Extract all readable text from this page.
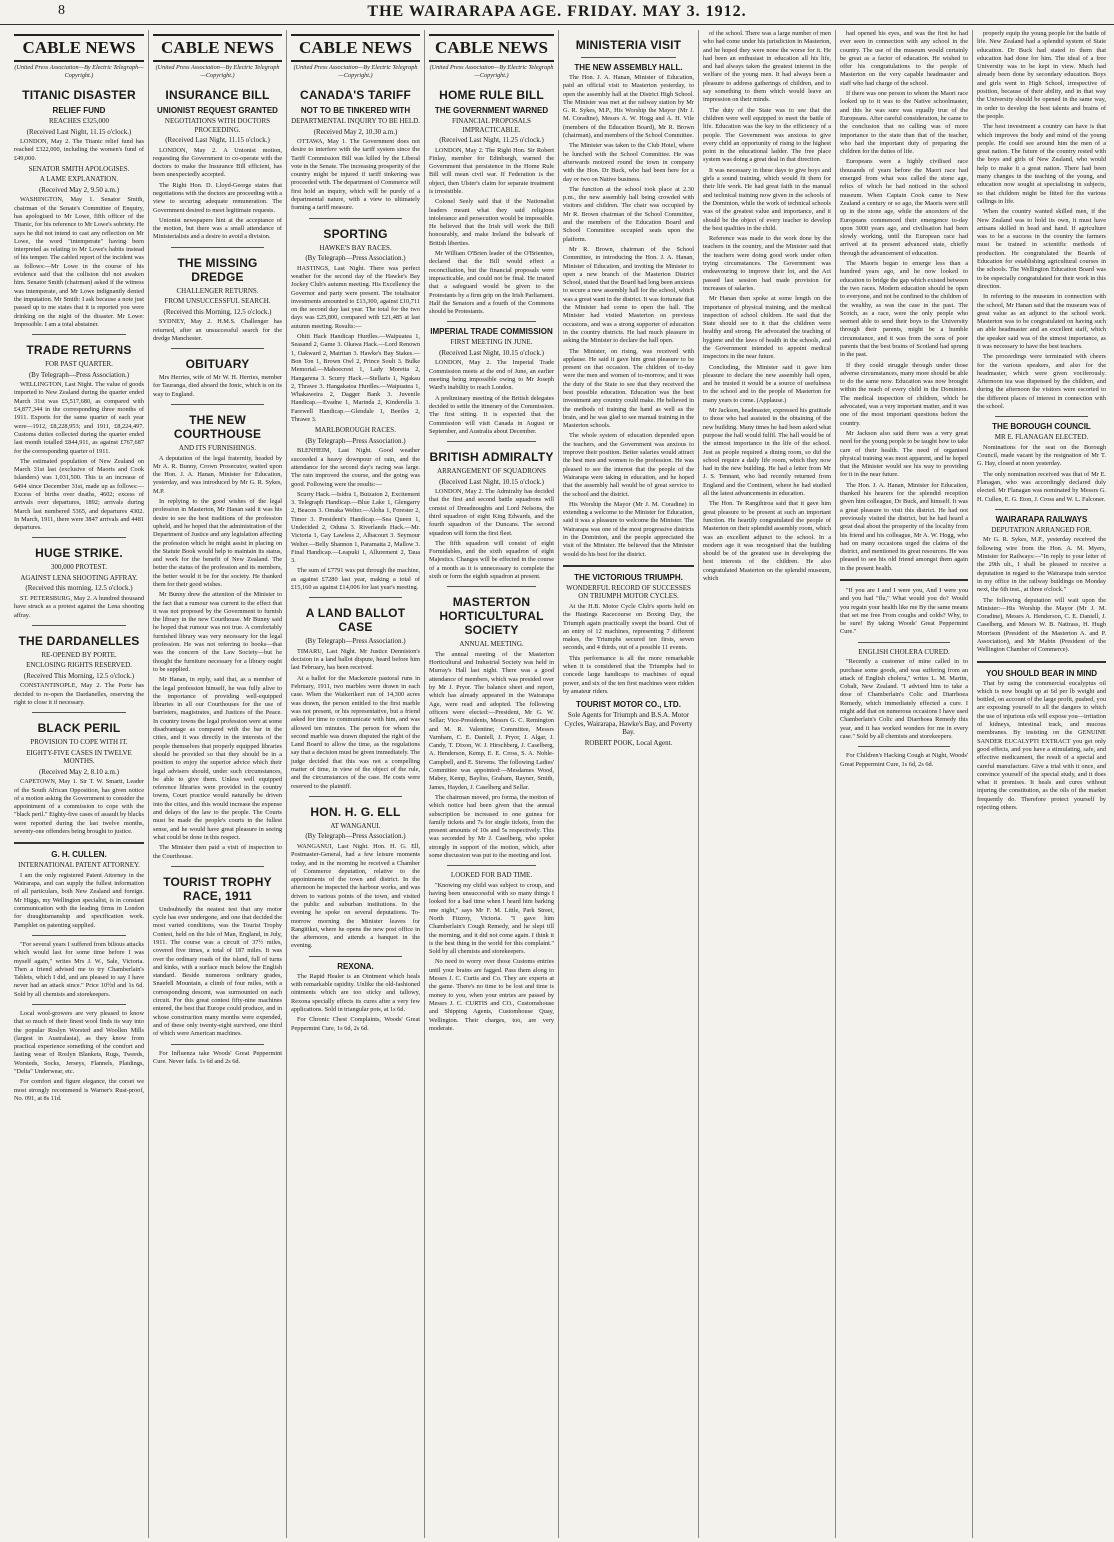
8	THE WAIRARAPA AGE. FRIDAY. MAY 3. 1912.
CABLE NEWS
(United Press Association—By Electric Telegraph—Copyright.)
TITANIC DISASTER
RELIEF FUND
REACHES £325,000
(Received Last Night, 11.15 o'clock.)

LONDON, May 2. The Titanic relief fund has reached £322,000, including the women's fund of £49,000.

SENATOR SMITH APOLOGISES.
A LAME EXPLANATION.
(Received May 2, 9.50 a.m.)

WASHINGTON, May 1. Senator Smith, chairman of the Senate's Committee of Enquiry, has apologised to Mr Lowe, fifth officer of the Titanic, for his reference to Mr Lowe's sobriety. He says he did not intend to cast any reflection on Mr Lowe, the word "intemperate" having been interpreted as relating to Mr Lowe's habits instead of his temper. The cabled report of the incident was as follows:—Mr Lowe in the course of his evidence said that the collision did not awaken him. Senator Smith (chairman) asked if the witness was intemperate, and Mr Lowe indignantly denied the imputation. Mr Smith: I ask because a note just passed up to me states that it is reported you were drinking on the night of the disaster. Mr Lowe: Impossible. I am a total abstainer.

TRADE RETURNS
FOR PAST QUARTER.
(By Telegraph—Press Association.)

WELLINGTON, Last Night. The value of goods imported to New Zealand during the quarter ended March 31st was £5,517,680, as compared with £4,877,344 in the corresponding three months of 1911. Exports for the same quarter of each year were—1912, £8,228,953; and 1911, £8,224,497. Customs duties collected during the quarter ended last month totalled £844,911, as against £767,687 for the corresponding quarter of 1911.

The estimated population of New Zealand on March 31st last (exclusive of Maoris and Cook Islanders) was 1,031,500. This is an increase of 6494 since December 31st, made up as follows:—Excess of births over deaths, 4602; excess of arrivals over departures, 1892; arrivals during March last numbered 5365, and departures 4302. In March, 1911, there were 3847 arrivals and 4481 departures.

HUGE STRIKE.
300,000 PROTEST.
AGAINST LENA SHOOTING AFFRAY.
(Received this morning, 12.5 o'clock.)

ST. PETERSBURG, May 2. A hundred thousand have struck as a protest against the Lena shooting affray.

THE DARDANELLES
RE-OPENED BY PORTE.
ENCLOSING RIGHTS RESERVED.
(Received This Morning, 12.5 o'clock.)

CONSTANTINOPLE, May 2. The Porte has decided to re-open the Dardanelles, reserving the right to close it if necessary.

BLACK PERIL
PROVISION TO COPE WITH IT.
EIGHTY-FIVE CASES IN TWELVE MONTHS.
(Received May 2, 8.10 a.m.)

CAPETOWN, May 1. Sir T. W. Smartt, Leader of the South African Opposition, has given notice of a motion asking the Government to consider the appointment of a commission to cope with the "black peril." Eighty-five cases of assault by blacks were reported during the last twelve months, seventy-one offenders being brought to justice.

G. H. CULLEN.
INTERNATIONAL PATENT ATTORNEY.

I am the only registered Patent Attorney in the Wairarapa, and can supply the fullest information of all particulars, both New Zealand and foreign. Mr Higgs, my Wellington specialist, is in constant communication with the leading firms in London for draughtsmanship and specification work. Pamphlet on patenting supplied.

"For several years I suffered from bilious attacks which would last for some time before I was myself again," writes Mrs J. W., Sale, Victoria. Then a friend advised me to try Chamberlain's Tablets, which I did, and am pleased to say I have never had an attack since." Price 10½d and 1s 6d. Sold by all chemists and storekeepers.

Local wool-growers are very pleased to know that so much of their finest wool finds its way into the popular Roslyn Worsted and Woollen Mills (largest in Australasia), as they know from practical experience something of the comfort and lasting wear of Roslyn Blankets, Rugs, Tweeds, Worsteds, Socks, Jerseys, Flannels, Plaidings, "Delta" Underwear, etc.

For comfort and figure elegance, the corset we most strongly recommend is Warner's Rust-proof, No. 091, at 8s 11d.

CABLE NEWS
(United Press Association—By Electric Telegraph—Copyright.)
INSURANCE BILL
UNIONIST REQUEST GRANTED
NEGOTIATIONS WITH DOCTORS PROCEEDING.
(Received Last Night, 11.15 o'clock.)

LONDON, May 2. A Unionist motion, requesting the Government to co-operate with the doctors to make the Insurance Bill efficient, has been unexpectedly accepted.

The Right Hon. D. Lloyd-George states that negotiations with the doctors are proceeding with a view to securing adequate remuneration. The Government desired to meet legitimate requests.

Unionist newspapers hint at the acceptance of the motion, but there was a small attendance of Ministerialists and a desire to avoid a division.

THE MISSING DREDGE
CHALLENGER RETURNS.
FROM UNSUCCESSFUL SEARCH.
(Received this Morning, 12.5 o'clock.)

SYDNEY, May 2. H.M.S. Challenger has returned, after an unsuccessful search for the dredge Manchester.

OBITUARY

Mrs Herries, wife of Mr W. H. Herries, member for Tauranga, died aboard the Ionic, which is on its way to England.

THE NEW COURTHOUSE
AND ITS FURNISHINGS.

A deputation of the legal fraternity, headed by Mr A. R. Bunny, Crown Prosecutor, waited upon the Hon. J. A. Hanan, Minister for Education, yesterday, and was introduced by Mr G. R. Sykes, M.P.

In replying to the good wishes of the legal profession in Masterton, Mr Hanan said it was his desire to see the best traditions of the profession upheld, and he hoped that the administration of the Department of Justice and any legislation affecting the profession which he might assist in placing on the Statute Book would help to maintain its status, and work for the benefit of New Zealand. The better the status of the profession and its members, the better would it be for the society. He thanked them for their good wishes.

Mr Bunny drew the attention of the Minister to the fact that a rumour was current to the effect that it was not proposed by the Government to furnish the library in the new Courthouse. Mr Bunny said he hoped that rumour was not true. A comfortably furnished library was very necessary for the legal profession. He was not referring to books—that was the concern of the Law Society—but he thought the furniture necessary for a library ought to be supplied.

Mr Hanan, in reply, said that, as a member of the legal profession himself, he was fully alive to the importance of providing well-equipped libraries in all our Courthouses for the use of barristers, magistrates, and Justices of the Peace. In country towns the legal profession were at some disadvantage as compared with the bar in the cities, and it was directly in the interests of the people themselves that properly equipped libraries should be provided so that they should be in a position to enjoy the superior advice which their legal advisers should, under such circumstances, be able to give them. Unless well equipped reference libraries were provided in the country towns, Court practice would naturally be driven into the cities, and this would increase the expense and delays of the law to the people. The Courts must be made the people's courts in the fullest sense, and he would have great pleasure in seeing what could be done in this respect.

The Minister then paid a visit of inspection to the Courthouse.

TOURIST TROPHY RACE, 1911

Undoubtedly the neatest test that any motor cycle has ever undergone, and one that decided the most varied conditions, was the Tourist Trophy Contest, held on the Isle of Man, England, in July, 1911. The course was a circuit of 37½ miles, covered five times, a total of 187 miles. It was over the ordinary roads of the island, full of turns and kinks, with a surface much below the English standard. Beside numerous ordinary grades, Snaefell Mountain, a climb of four miles, with a corresponding descent, was surmounted on each circuit. For this great contest fifty-nine machines entered, the best that Europe could produce, and in whose construction many months were expended, and of these only twenty-eight survived, one third of which were American machines.

For Influenza take Woods' Great Peppermint Cure. Never fails. 1s 6d and 2s 6d.

CABLE NEWS
(United Press Association—By Electric Telegraph—Copyright.)
CANADA'S TARIFF
NOT TO BE TINKERED WITH
DEPARTMENTAL INQUIRY TO BE HELD.
(Received May 2, 10.30 a.m.)

OTTAWA, May 1. The Government does not desire to interfere with the tariff system since the Tariff Commission Bill was killed by the Liberal vote in the Senate. The increasing prosperity of the country might be injured if tariff tinkering was proceeded with. The department of Commerce will first hold an inquiry, which will be purely of a departmental nature, with a view to ultimately framing a tariff measure.

SPORTING
HAWKE'S BAY RACES.
(By Telegraph—Press Association.)

HASTINGS, Last Night. There was perfect weather for the second day of the Hawke's Bay Jockey Club's autumn meeting. His Excellency the Governor and party were present. The totalisator investments amounted to £13,300, against £10,711 on the second day last year. The total for the two days was £25,800, compared with £21,485 at last autumn meeting. Results:—

Ohiti Hack Handicap Hurdles.—Waipuatea 1, Seasand 2, Game 3. Okawa Hack.—Lord Renown 1, Oakward 2, Mairitan 3. Hawke's Bay Stakes.—Bon Ton 1, Brown Owl 2, Prince Soult 3. Bulke Memorial.—Mahoecrest 1, Lady Moretta 2, Hangarena 3. Scurry Hack.—Stellaris 1, Ngakau 2, Thrawe 3. Hangakatoa Hurdles.—Waipuatea 1, Whakaweira 2, Dagger Bank 3. Juvenile Handicap.—Evadne 1, Marinda 2, Kinderella 3. Farewell Handicap.—Glendale 1, Beetles 2, Thrawe 3.

MARLBOROUGH RACES.
(By Telegraph—Press Association.)

BLENHEIM, Last Night. Good weather succeeded a heavy downpour of rain, and the attendance for the second day's racing was large. The rain improved the course, and the going was good. Following were the results:—

Scurry Hack.—Isidra 1, Buizaton 2, Excitement 3. Telegraph Handicap.—Blue Lake 1, Glengarry 2, Beacon 3. Omaka Welter.—Aloha 1, Forester 2, Timor 3. President's Handicap.—Sea Queen 1, Undecided 2, Oduna 3. Riverlands Hack.—Mr. Victoria 1, Gay Lawless 2, Albacourt 3. Seymour Welter.—Belly Shannon 1, Paramatta 2, Mallow 3. Final Handicap.—Leapuki 1, Allurement 2, Taua 3.

The sum of £7791 was put through the machine, as against £7280 last year, making a total of £15,160 as against £14,006 for last year's meeting.

A LAND BALLOT CASE
(By Telegraph—Press Association.)

TIMARU, Last Night. Mr Justice Denniston's decision in a land ballot dispute, heard before him last February, has been received.

At a ballot for the Mackenzie pastoral runs in February, 1911, two marbles were drawn in each case. When the Waikerikeri run of 14,300 acres was drawn, the person entitled to the first marble was not present, or his representative, but a friend asked for time to communicate with him, and was allowed ten minutes. The person for whom the second marble was drawn disputed the right of the Land Board to allow the time, as the regulations say that a decision must be given immediately. The judge decided that this was not a compelling matter of time, in view of the object of the rule, and the circumstances of the case. He costs were reserved to the plaintiff.

HON. H. G. ELL
AT WANGANUI.
(By Telegraph—Press Association.)

WANGANUI, Last Night. Hon. H. G. Ell, Postmaster-General, had a few leisure moments today, and in the morning he received a Chamber of Commerce deputation, relative to the appointments of the town and district. In the afternoon he inspected the harbour works, and was driven to various points of the town, and visited the public and suburban institutions. In the evening he spoke on several deputations. To-morrow morning the Minister leaves for Rangitikei, where he opens the new post office in the afternoon, and attends a banquet in the evening.

REXONA.

The Rapid Healer is an Ointment which heals with remarkable rapidity. Unlike the old-fashioned ointments which are too sticky and tallowy, Rexona specially effects its cures after a very few applications. Sold in triangular pots, at 1s 6d.

For Chronic Chest Complaints, Woods' Great Peppermint Cure, 1s 6d, 2s 6d.

CABLE NEWS
(United Press Association—By Electric Telegraph—Copyright.)
HOME RULE BILL
THE GOVERNMENT WARNED
FINANCIAL PROPOSALS IMPRACTICABLE.
(Received Last Night, 11.25 o'clock.)

LONDON, May 2. The Right Hon. Sir Robert Finlay, member for Edinburgh, warned the Government that persistence in the Home Rule Bill will mean civil war. If Federation is the object, then Ulster's claim for separate treatment is irresistible.

Colonel Seely said that if the Nationalist leaders meant what they said religious intolerance and persecution would be impossible. He believed that the Irish will work the Bill honourably, and make Ireland the bulwark of British liberties.

Mr William O'Brien leader of the O'Brienites, declared that the Bill would effect a reconciliation, but the financial proposals were impracticable, and could not be final. He trusted that a safeguard would be given to the Protestants by a firm grip on the Irish Parliament. Half the Senators and a fourth of the Commons should be Protestants.

IMPERIAL TRADE COMMISSION
FIRST MEETING IN JUNE.
(Received Last Night, 10.15 o'clock.)

LONDON, May 2. The Imperial Trade Commission meets at the end of June, an earlier meeting being impossible owing to Mr Joseph Ward's inability to reach London.

A preliminary meeting of the British delegates decided to settle the itinerary of the Commission. The first sitting. It is expected that the Commission will visit Canada in August or September, and Australia about December.

BRITISH ADMIRALTY
ARRANGEMENT OF SQUADRONS
(Received Last Night, 10.15 o'clock.)

LONDON, May 2. The Admiralty has decided that the first and second battle squadrons will consist of Dreadnoughts and Lord Nelsons, the third squadron of eight King Edwards, and the fourth squadron of the Duncans. The second squadron will form the first fleet.

The fifth squadron will consist of eight Formidables, and the sixth squadron of eight Majestics. Changes will be effected in the course of a month as it is unnecessary to complete the sixth or form the eighth squadron at present.

MASTERTON HORTICULTURAL SOCIETY
ANNUAL MEETING.

The annual meeting of the Masterton Horticultural and Industrial Society was held in Murray's Hall last night. There was a good attendance of members, which was presided over by Mr J. Pryor. The balance sheet and report, which has already appeared in the Wairarapa Age, were read and adopted. The following officers were elected:—President, Mr G. W. Sellar; Vice-Presidents, Messrs G. C. Remington and M. R. Valentine; Committee, Messrs Varnham, C. E. Daniell, J. Pryor, J. Algar, J. Candy, T. Dixon, W. J. Hirschberg, J. Caselberg, A. Henderson, Kemp, E. E. Cross, S. A. Noble-Campbell, and E. Stevens. The following Ladies' Committee was appointed:—Mesdames Wood, Mabey, Kemp, Bayliss, Graham, Rayner, Smith, James, Hayden, J. Caselberg and Sellar.

The chairman moved, pro forma, the motion of which notice had been given that the annual subscription be increased to one guinea for family tickets and 7s for single tickets, from the present amounts of 10s and 5s respectively. This was seconded by Mr J. Caselberg, who spoke strongly in support of the motion, which, after some discussion was put to the meeting and lost.

LOOKED FOR BAD TIME.

"Knowing my child was subject to croup, and having been unsuccessful with so many things I looked for a bad time when I heard him barking one night," says Mr F. M. Little, Park Street, North Fitzroy, Victoria. "I gave him Chamberlain's Cough Remedy, and he slept till the morning, and it did not come again. I think it is the best thing in the world for this complaint." Sold by all chemists and storekeepers.

No need to worry over those Customs entries until your brains are fagged. Pass them along to Messrs J. C. Curtis and Co. They are experts at the game. There's no time to be lost and time is money to you, when your entries are passed by Messrs J. C. CURTIS and CO., Customshouse and Shipping Agents, Customhouse Quay, Wellington. Their charges, too, are very moderate.

MINISTERIA VISIT
THE NEW ASSEMBLY HALL.

The Hon. J. A. Hanan, Minister of Education, paid an official visit to Masterton yesterday, to open the assembly hall at the District High School. The Minister was met at the railway station by Mr G. R. Sykes, M.P., His Worship the Mayor (Mr J. M. Coradine), Messrs A. W. Hogg and A. H. Vile (members of the Education Board), Mr R. Brown (chairman), and members of the School Committee.

The Minister was taken to the Club Hotel, where he lunched with the School Committee. He was afterwards motored round the town in company with the Hon. Dr Buck, who had been here for a day or two on Native business.

The function at the school took place at 2.30 p.m., the new assembly hall being crowded with visitors and children. The chair was occupied by Mr R. Brown chairman of the School Committee, and the members of the Education Board and School Committee occupied seats upon the platform.

Mr R. Brown, chairman of the School Committee, in introducing the Hon. J. A. Hanan, Minister of Education, and inviting the Minister to open a new branch of the Masterton District School, stated that the Board had long been anxious to secure a new assembly hall for the school, which was a great want in the district. It was fortunate that the Minister had come to open the hall. The Minister had visited Masterton on previous occasions, and was a strong supporter of education in the country districts. He had much pleasure in asking the Minister to declare the hall open.

The Minister, on rising, was received with applause. He said it gave him great pleasure to be present on that occasion. The children of to-day were the men and women of to-morrow, and it was the duty of the State to see that they received the best possible education. Education was the best investment any country could make. He believed in the methods of training the hand as well as the brain, and he was glad to see manual training in the Masterton schools.

The whole system of education depended upon the teachers, and the Government was anxious to improve their position. Better salaries would attract the best men and women to the profession. He was pleased to see the interest that the people of the Wairarapa were taking in education, and he hoped that the assembly hall would be of great service to the school and the district.

His Worship the Mayor (Mr J. M. Coradine) in extending a welcome to the Minister for Education, said it was a pleasure to welcome the Minister. The Wairarapa was one of the most progressive districts in the Dominion, and the people appreciated the visit of the Minister. He believed that the Minister would do his best for the district.

THE VICTORIOUS TRIUMPH.
WONDERFUL RECORD OF SUCCESSES ON TRIUMPH MOTOR CYCLES.

At the H.B. Motor Cycle Club's sports held on the Hastings Racecourse on Boxing Day, the Triumph again practically swept the board. Out of an entry of 12 machines, representing 7 different makes, the Triumphs secured ten firsts, seven seconds, and 4 thirds, out of a possible 11 events.

This performance is all the more remarkable when it is considered that the Triumphs had to concede large handicaps to machines of equal power, and six of the ten first machines were ridden by amateur riders.

TOURIST MOTOR CO., LTD.
Sole Agents for Triumph and B.S.A. Motor Cycles, Wairarapa, Hawke's Bay, and Poverty Bay.
ROBERT POOK, Local Agent.

of the school. There was a large number of men who had come under his jurisdiction in Masterton, and he hoped they were none the worse for it. He had been an enthusiast in education all his life, and had always taken the greatest interest in the welfare of the young men. It had always been a pleasure to address gatherings of children, and to say something to them which would leave an impression on their minds.

The duty of the State was to see that the children were well equipped to meet the battle of life. Education was the key to the efficiency of a people. The Government was anxious to give every child an opportunity of rising to the highest point in the educational ladder. The free place system was doing a great deal in that direction.

It was necessary in these days to give boys and girls a sound training, which would fit them for their life work. He had great faith in the manual and technical training now given in the schools of the Dominion, while the work of technical schools was of the greatest value and importance, and it should be the object of every teacher to develop the best qualities in the child.

Reference was made to the work done by the teachers in the country, and the Minister said that the teachers were doing good work under often trying circumstances. The Government was endeavouring to improve their lot, and the Act passed last session had made provision for increases of salaries.

Mr Hanan then spoke at some length on the importance of physical training, and the medical inspection of school children. He said that the State should see to it that the children were healthy and strong. He advocated the teaching of hygiene and the laws of health in the schools, and the Government intended to appoint medical inspectors in the near future.

Concluding, the Minister said it gave him pleasure to declare the new assembly hall open, and he trusted it would be a source of usefulness to the school and to the people of Masterton for many years to come. (Applause.)

Mr Jackson, headmaster, expressed his gratitude to those who had assisted in the obtaining of the new building. Many times he had been asked what purpose the hall would fulfil. The hall would be of the utmost importance in the life of the school. Just as people required a dining room, so did the school require a daily life room, which they now had in the new building. He had a letter from Mr J. S. Tennant, who had recently returned from England and the Continent, where he had studied all the latest advancements in education.

The Hon. Te Rangihiroa said that it gave him great pleasure to be present at such an important function. He heartily congratulated the people of Masterton on their splendid assembly room, which was an excellent adjunct to the school. In a modern age it was recognised that the building should be of the greatest use in developing the best interests of the children. He also congratulated Masterton on the splendid museum, which

had opened his eyes, and was the first he had ever seen in connection with any school in the country. The use of the museum would certainly be great as a factor of education. He wished to offer his congratulations to the people of Masterton on the very capable headmaster and staff who had charge of the school.

If there was one person to whom the Maori race looked up to it was to the Native schoolmaster, and this he was sure was equally true of the Europeans. After careful consideration, he came to the conclusion that no calling was of more importance to the state than that of the teacher, who had the important duty of preparing the children for the duties of life.

Europeans were a highly civilised race thousands of years before the Maori race had emerged from what was called the stone age, relics of which he had noticed in the school museum. When Captain Cook came to New Zealand a century or so ago, the Maoris were still up in the stone age, while the ancestors of the Europeans commenced their emergence to-day upon 3000 years ago, and civilisation had been slowly working, until the European race had arrived at its present advanced state, chiefly through the advancement of education.

The Maoris began to emerge less than a hundred years ago, and he now looked to education to bridge the gap which existed between the two races. Modern education should be open to everyone, and not be confined to the children of the wealthy, as was the case in the past. The Scotch, as a race, were the only people who seemed able to send their boys to the University through their parents, might be a humble circumstance, and it was from the sons of poor parents that the best brains of Scotland had sprung in the past.

If they could struggle through under those adverse circumstances, many more should be able to do the same now. Education was now brought within the reach of every child in the Dominion. The medical inspection of children, which he advocated, was a very important matter, and it was one of the most important questions before the country.

Mr Jackson also said there was a very great need for the young people to be taught how to take care of their health. The need of organised physical training was most apparent, and he hoped that the Minister would see his way to providing for it in the near future.

The Hon. J. A. Hanan, Minister for Education, thanked his hearers for the splendid reception given him colleague, Dr Buck, and himself. It was a great pleasure to visit this district. He had not previously visited the district, but he had heard a great deal about the prosperity of the locality from his friend and his colleague, Mr A. W. Hogg, who had on many occasions urged the claims of the district, and mentioned its great resources. He was pleased to see his old friend amongst them again in the present health.

"If you are I and I were you, And I were you and you had "flu," What would you do? Would you regain your health like me By the same means that set me free From coughs and colds? Why, to be sure! By taking Woods' Great Peppermint Cure."

ENGLISH CHOLERA CURED.

"Recently a customer of mine called in to purchase some goods, and was suffering from an attack of English cholera," writes L. M. Martin, Cobalt, New Zealand. "I advised him to take a dose of Chamberlain's Colic and Diarrhoea Remedy, which immediately effected a cure. I might add that on numerous occasions I have used Chamberlain's Colic and Diarrhoea Remedy this year, and it has worked wonders for me in every case." Sold by all chemists and storekeepers.

For Children's Hacking Cough at Night, Woods' Great Peppermint Cure, 1s 6d, 2s 6d.

properly equip the young people for the battle of life. New Zealand had a splendid system of State education. Dr Buck had stated to them that education had done for him. The ideal of a free University was to be kept in view. Much had already been done by secondary education. Boys and girls went to High School, irrespective of position, because of their ability, and in that way the University should be opened in the same way, in order to develop the best talents and brains of the people.

The best investment a country can have is that which improves the body and mind of the young people. He could see around him the men of a great nation. The future of the country rested with the boys and girls of New Zealand, who would help to make it a great nation. There had been many changes in the teaching of the young, and education now sought at specialising in subjects, so that children might be fitted for the various callings in life.

When the country wanted skilled men, if the New Zealand was to hold its own, it must have artisans skilled in head and hand. If agriculture was to be a success in the country the farmers must be trained in scientific methods of production. He congratulated the Boards of Education for establishing agricultural courses in the schools. The Wellington Education Board was to be especially congratulated for their work in this direction.

In referring to the museum in connection with the school, Mr Hanan said that the museum was of great value as an adjunct to the school work. Masterton was to be congratulated on having such an able headmaster and an excellent staff, which the speaker said was of the utmost importance, as it was necessary to have the best teachers.

The proceedings were terminated with cheers for the various speakers, and also for the headmaster, which were given vociferously. Afternoon tea was dispensed by the children, and during the afternoon the visitors were escorted to the different places of interest in connection with the school.

THE BOROUGH COUNCIL
MR E. FLANAGAN ELECTED.

Nominations for the seat on the Borough Council, made vacant by the resignation of Mr T. G. Hay, closed at noon yesterday.

The only nomination received was that of Mr E. Flanagan, who was accordingly declared duly elected. Mr Flanagan was nominated by Messrs G. H. Cullen, E. G. Eton, J. Cross and W. L. Falconer.

WAIRARAPA RAILWAYS
DEPUTATION ARRANGED FOR.

Mr G. R. Sykes, M.P., yesterday received the following wire from the Hon. A. M. Myers, Minister for Railways:—"In reply to your letter of the 29th ult., I shall be pleased to receive a deputation in regard to the Wairarapa train service in my office in the railway buildings on Monday next, the 6th inst., at three o'clock."

The following deputation will wait upon the Minister:—His Worship the Mayor (Mr J. M. Coradine), Messrs A. Henderson, C. E. Daniell, J. Caselberg, and Messrs W. B. Nattrass, H. Hugh Morrison (President of the Masterton A. and P. Association), and Mr Mabin (President of the Wellington Chamber of Commerce).

YOU SHOULD BEAR IN MIND

That by using the commercial eucalyptus oil which is now bought up at 6d per lb weight and bottled, on account of the large profit, pushed, you are exposing yourself to all the dangers to which the use of injurious oils will expose you—irritation of kidneys, intestinal track, and mucous membranes. By insisting on the GENUINE SANDER EUCALYPTI EXTRACT you get only good effects, and you have a stimulating, safe, and effective medicament, the result of a special and careful manufacture. Give a trial with it once, and convince yourself of the special study, and it does what it promises. It heals and cures without injuring the constitution, as the oils of the market frequently do. Therefore protect yourself by rejecting others.
